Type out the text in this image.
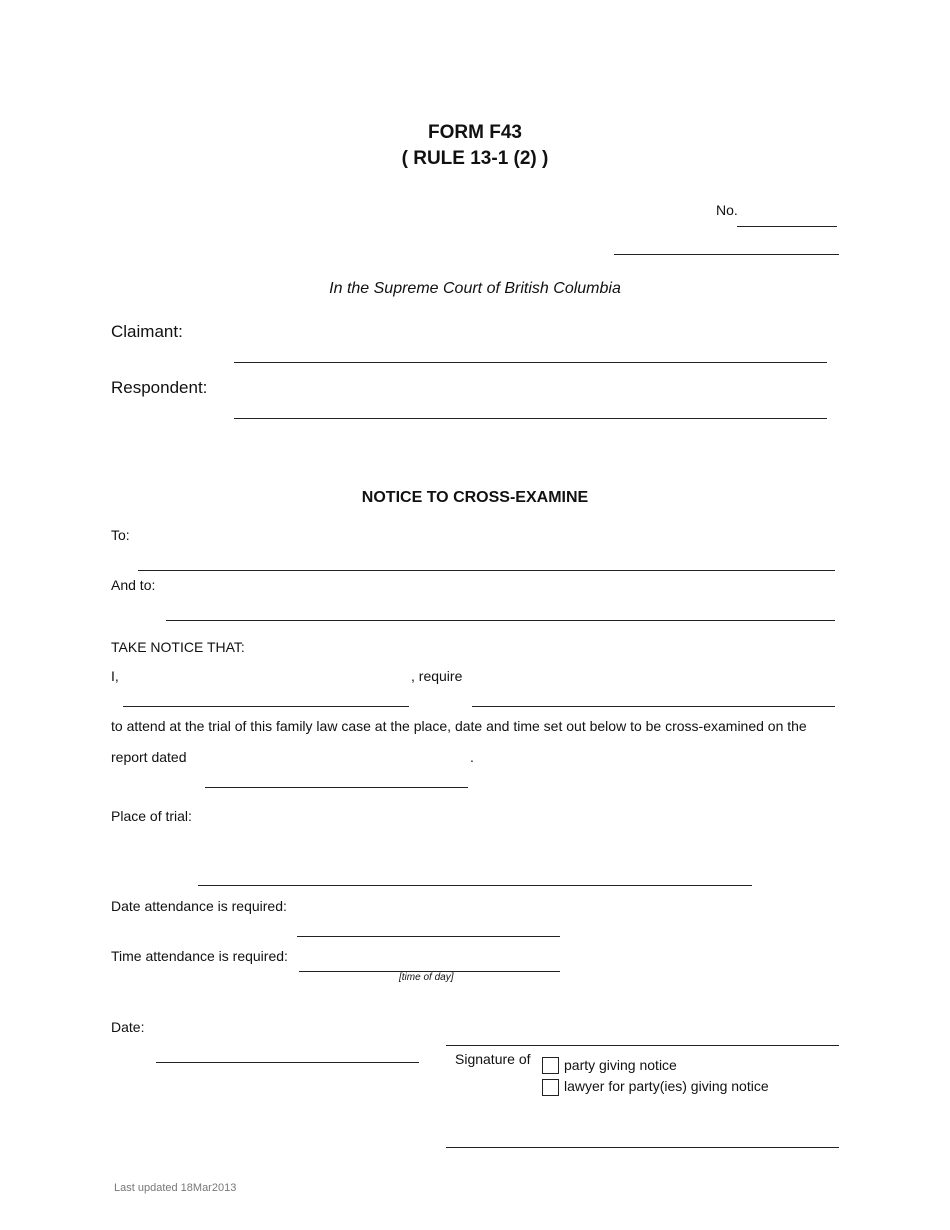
FORM F43
( RULE 13-1 (2) )
No.
In the Supreme Court of British Columbia
Claimant:
Respondent:
NOTICE TO CROSS-EXAMINE
To:
And to:
TAKE NOTICE THAT:
I,	, require
to attend at the trial of this family law case at the place, date and time set out below to be cross-examined on the
report dated	.
Place of trial:
Date attendance is required:
Time attendance is required:
[time of day]
Date:
Signature of party giving notice
lawyer for party(ies) giving notice
Last updated 18Mar2013
